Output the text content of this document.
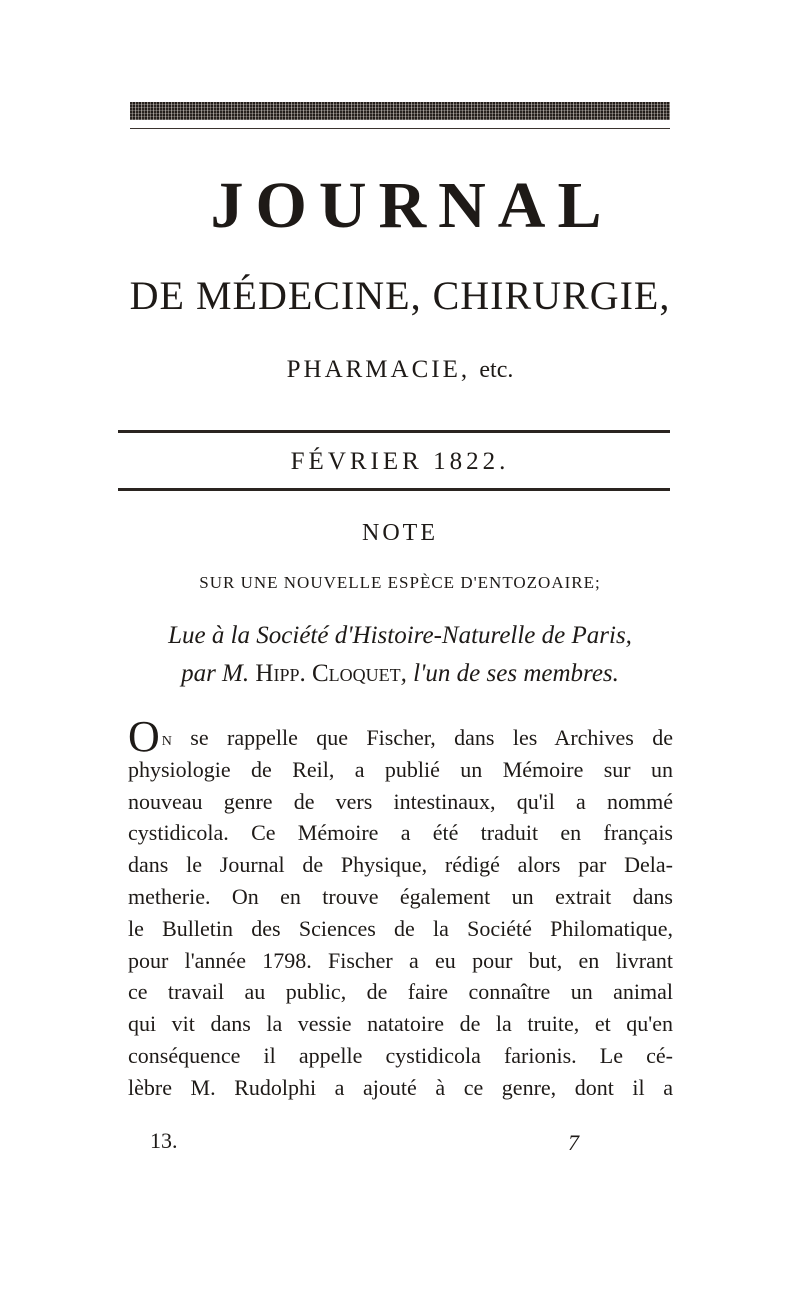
JOURNAL
DE MÉDECINE, CHIRURGIE,
PHARMACIE, etc.
FÉVRIER 1822.
NOTE
SUR UNE NOUVELLE ESPÈCE D'ENTOZOAIRE;
Lue à la Société d'Histoire-Naturelle de Paris,
par M. Hipp. Cloquet, l'un de ses membres.
On se rappelle que Fischer, dans les Archives de
physiologie de Reil, a publié un Mémoire sur un
nouveau genre de vers intestinaux, qu'il a nommé
cystidicola. Ce Mémoire a été traduit en français
dans le Journal de Physique, rédigé alors par Dela-
metherie. On en trouve également un extrait dans
le Bulletin des Sciences de la Société Philomatique,
pour l'année 1798. Fischer a eu pour but, en livrant
ce travail au public, de faire connaître un animal
qui vit dans la vessie natatoire de la truite, et qu'en
conséquence il appelle cystidicola farionis. Le cé-
lèbre M. Rudolphi a ajouté à ce genre, dont il a
13.	7
